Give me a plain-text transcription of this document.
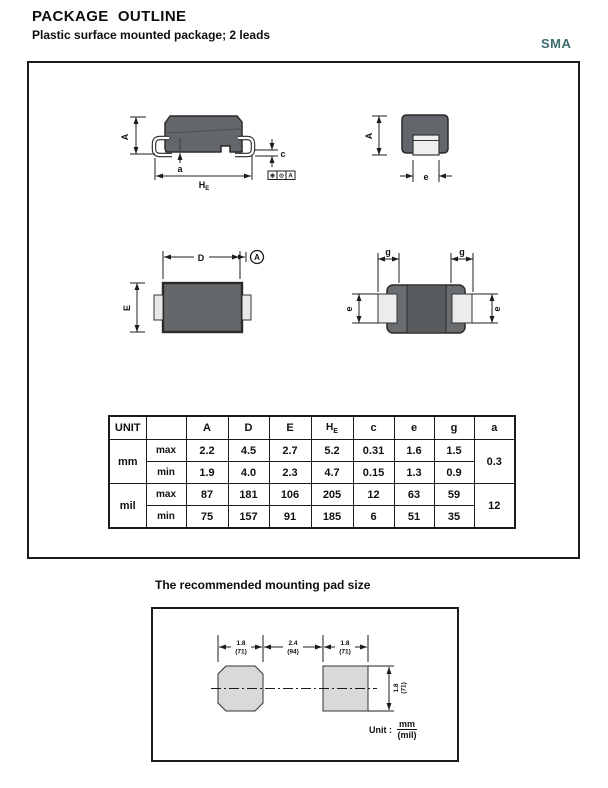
PACKAGE  OUTLINE
Plastic surface mounted package; 2 leads
SMA
A
a
$H_E$
c
⊕ ⊙ A
A
e
D	A
E
g	g
e	e
UNIT		A	D	E	$H_E$	c	e	g	a
mm	max	2.2	4.5	2.7	5.2	0.31	1.6	1.5	0.3
	min	1.9	4.0	2.3	4.7	0.15	1.3	0.9	
mil	max	87	181	106	205	12	63	59	12
	min	75	157	91	185	6	51	35	
The recommended mounting pad size
Unit : $\frac{mm}{\text{(mil)}}$
1.8
(71)
2.4
(94)
1.8
(71)
1.8 (71)
